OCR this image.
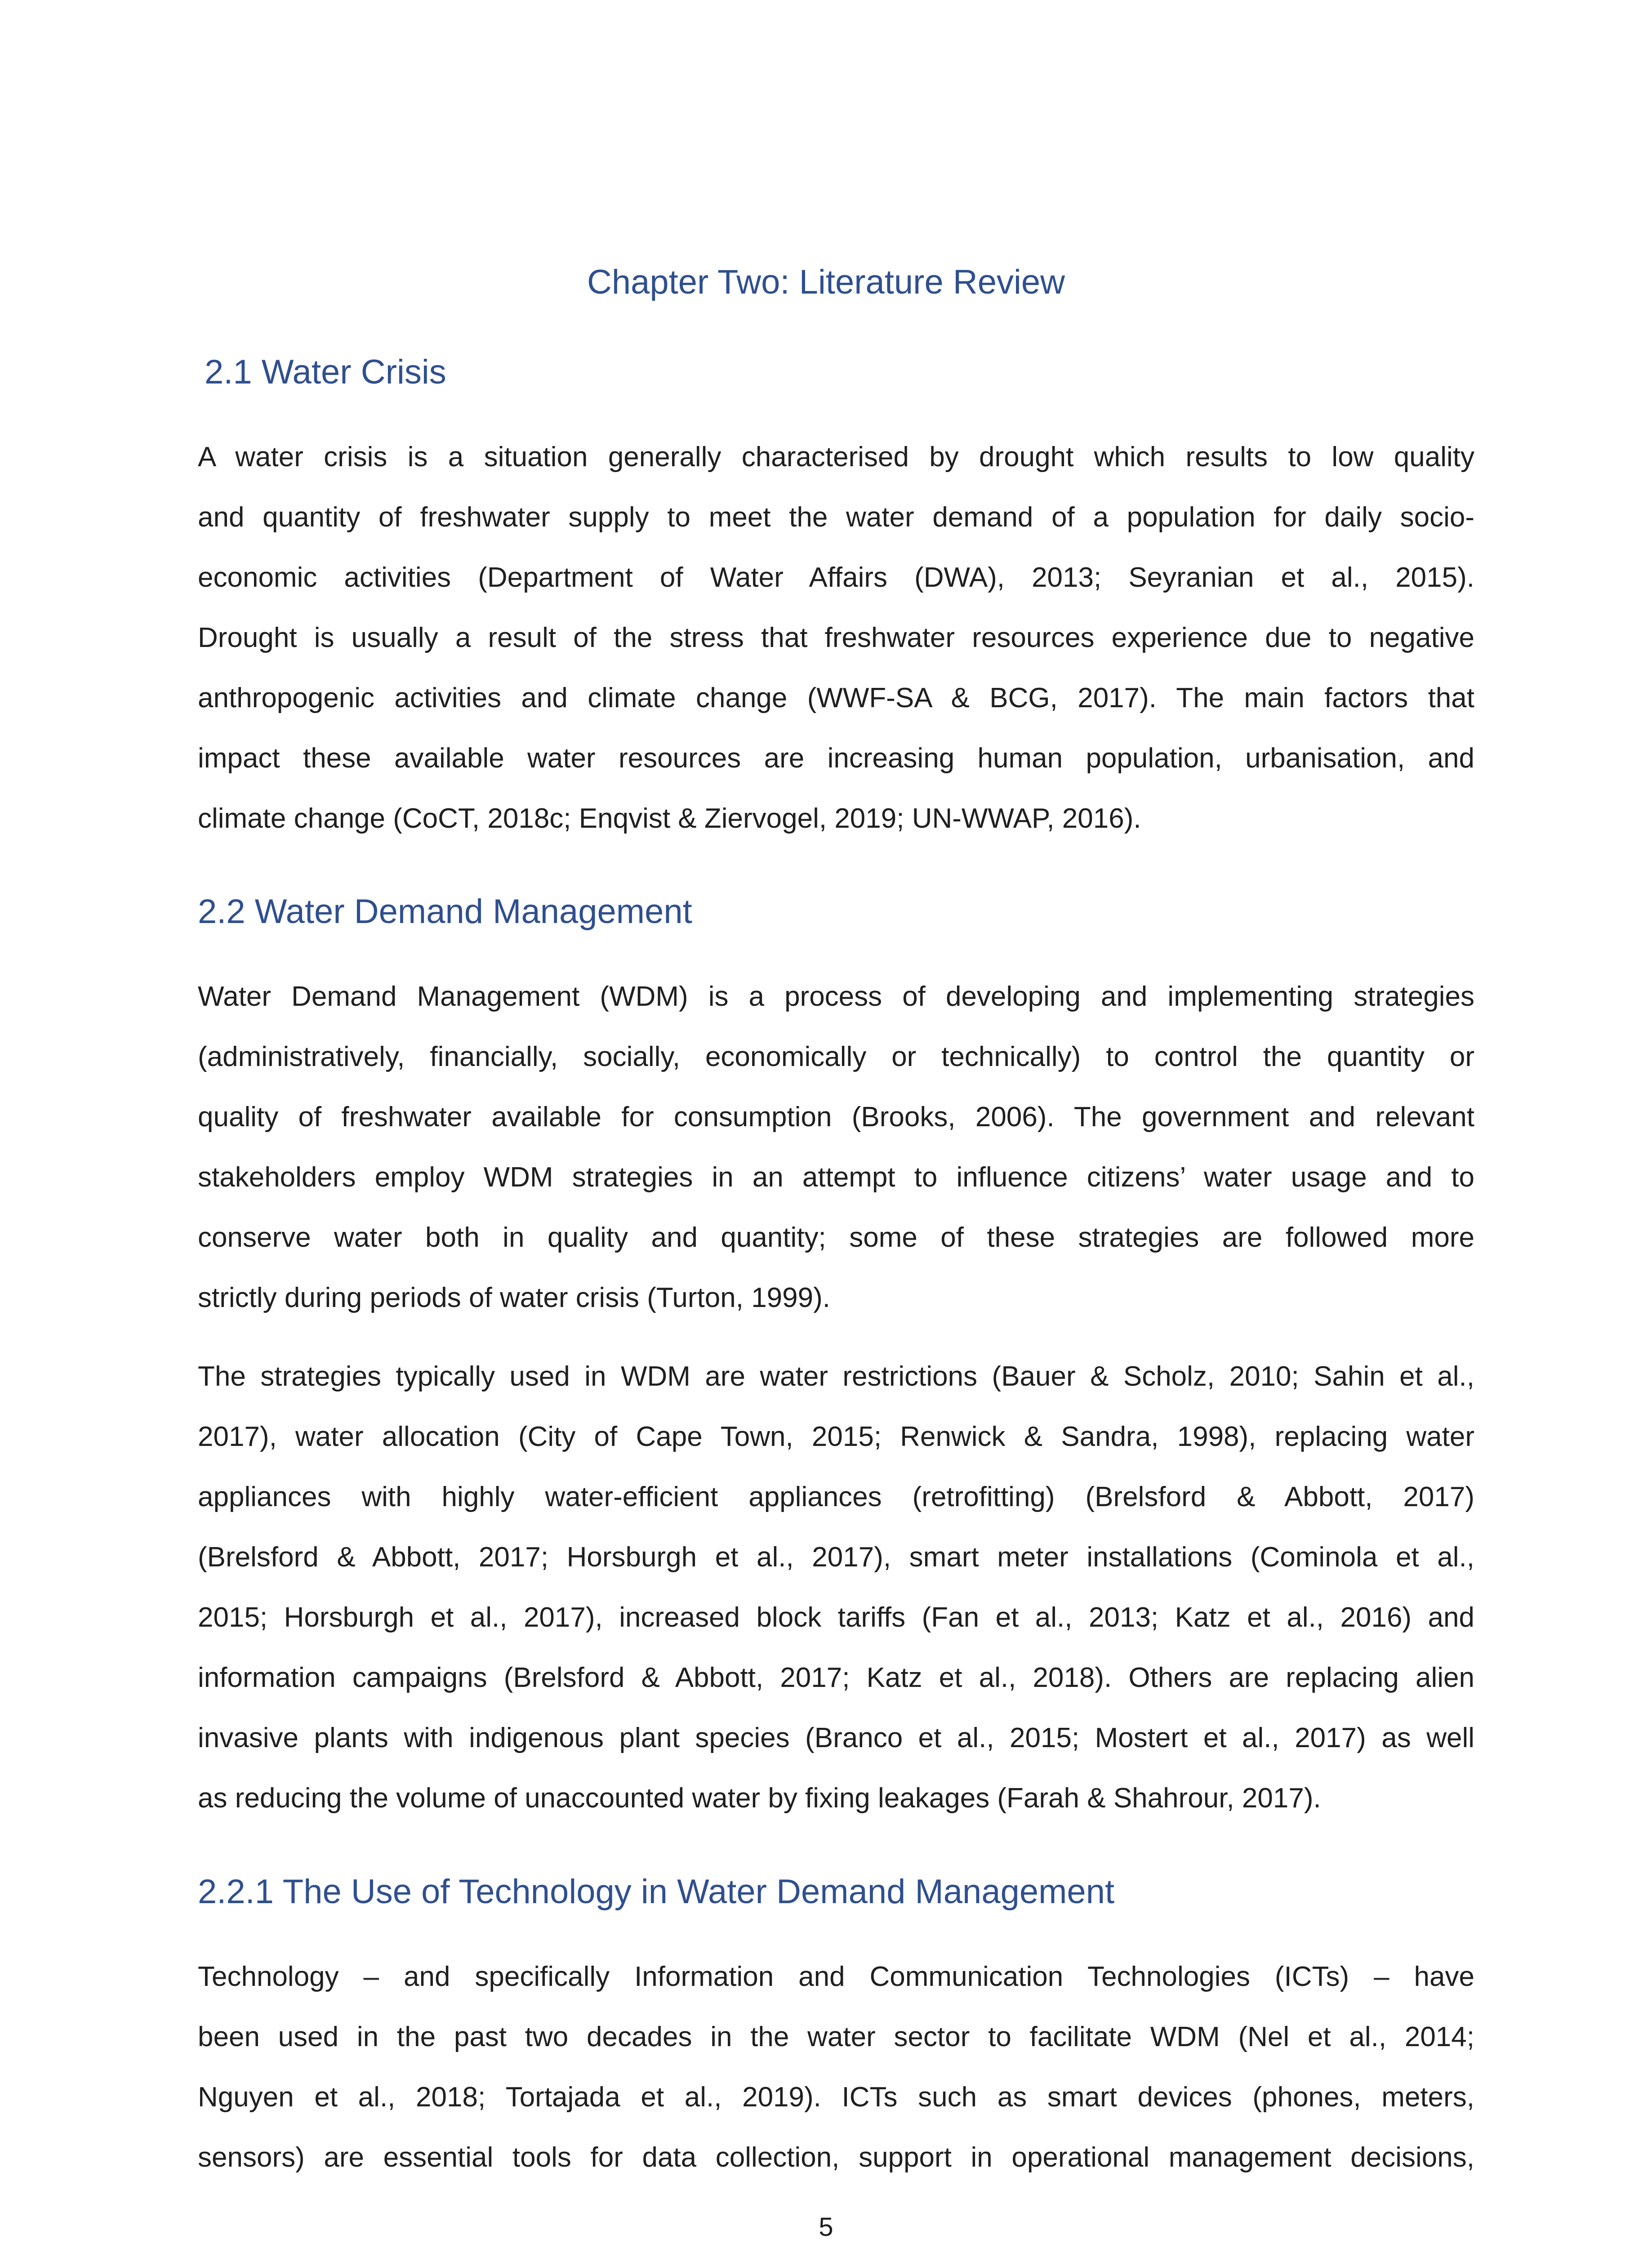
Chapter Two: Literature Review
2.1 Water Crisis
A water crisis is a situation generally characterised by drought which results to low quality
and quantity of freshwater supply to meet the water demand of a population for daily socio-
economic activities (Department of Water Affairs (DWA), 2013; Seyranian et al., 2015).
Drought is usually a result of the stress that freshwater resources experience due to negative
anthropogenic activities and climate change (WWF-SA & BCG, 2017). The main factors that
impact these available water resources are increasing human population, urbanisation, and
climate change (CoCT, 2018c; Enqvist & Ziervogel, 2019; UN-WWAP, 2016).
2.2 Water Demand Management
Water Demand Management (WDM) is a process of developing and implementing strategies
(administratively, financially, socially, economically or technically) to control the quantity or
quality of freshwater available for consumption (Brooks, 2006). The government and relevant
stakeholders employ WDM strategies in an attempt to influence citizens’ water usage and to
conserve water both in quality and quantity; some of these strategies are followed more
strictly during periods of water crisis (Turton, 1999).
The strategies typically used in WDM are water restrictions (Bauer & Scholz, 2010; Sahin et al.,
2017), water allocation (City of Cape Town, 2015; Renwick & Sandra, 1998), replacing water
appliances with highly water-efficient appliances (retrofitting) (Brelsford & Abbott, 2017)
(Brelsford & Abbott, 2017; Horsburgh et al., 2017), smart meter installations (Cominola et al.,
2015; Horsburgh et al., 2017), increased block tariffs (Fan et al., 2013; Katz et al., 2016) and
information campaigns (Brelsford & Abbott, 2017; Katz et al., 2018). Others are replacing alien
invasive plants with indigenous plant species (Branco et al., 2015; Mostert et al., 2017) as well
as reducing the volume of unaccounted water by fixing leakages (Farah & Shahrour, 2017).
2.2.1 The Use of Technology in Water Demand Management
Technology – and specifically Information and Communication Technologies (ICTs) – have
been used in the past two decades in the water sector to facilitate WDM (Nel et al., 2014;
Nguyen et al., 2018; Tortajada et al., 2019). ICTs such as smart devices (phones, meters,
sensors) are essential tools for data collection, support in operational management decisions,
5
